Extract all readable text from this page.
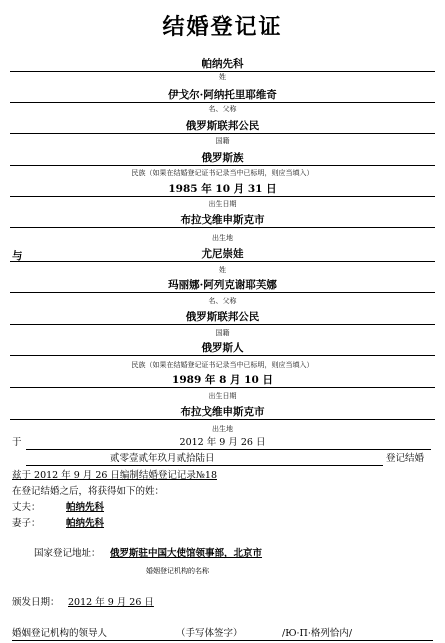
结婚登记证
帕纳先科
姓
伊戈尔·阿纳托里耶维奇
名、父称
俄罗斯联邦公民
国籍
俄罗斯族
民族（如果在结婚登记证书记录当中已标明，则应当填入）
1985 年 10 月 31 日
出生日期
布拉戈维申斯克市
出生地
与	尤尼崇娃
姓
玛丽娜·阿列克谢耶芙娜
名、父称
俄罗斯联邦公民
国籍
俄罗斯人
民族（如果在结婚登记证书记录当中已标明，则应当填入）
1989 年 8 月 10 日
出生日期
布拉戈维申斯克市
出生地
于	2012 年 9 月 26 日
贰零壹贰年玖月贰拾陆日	登记结婚
兹于 2012 年 9 月 26 日编制结婚登记记录№18
在登记结婚之后，将获得如下的姓：
丈夫：	帕纳先科
妻子：	帕纳先科
国家登记地址： 俄罗斯驻中国大使馆领事部，北京市
婚姻登记机构的名称
颁发日期： 2012 年 9 月 26 日
婚姻登记机构的领导人	（手写体签字）	/Ю·П·格列恰内/
